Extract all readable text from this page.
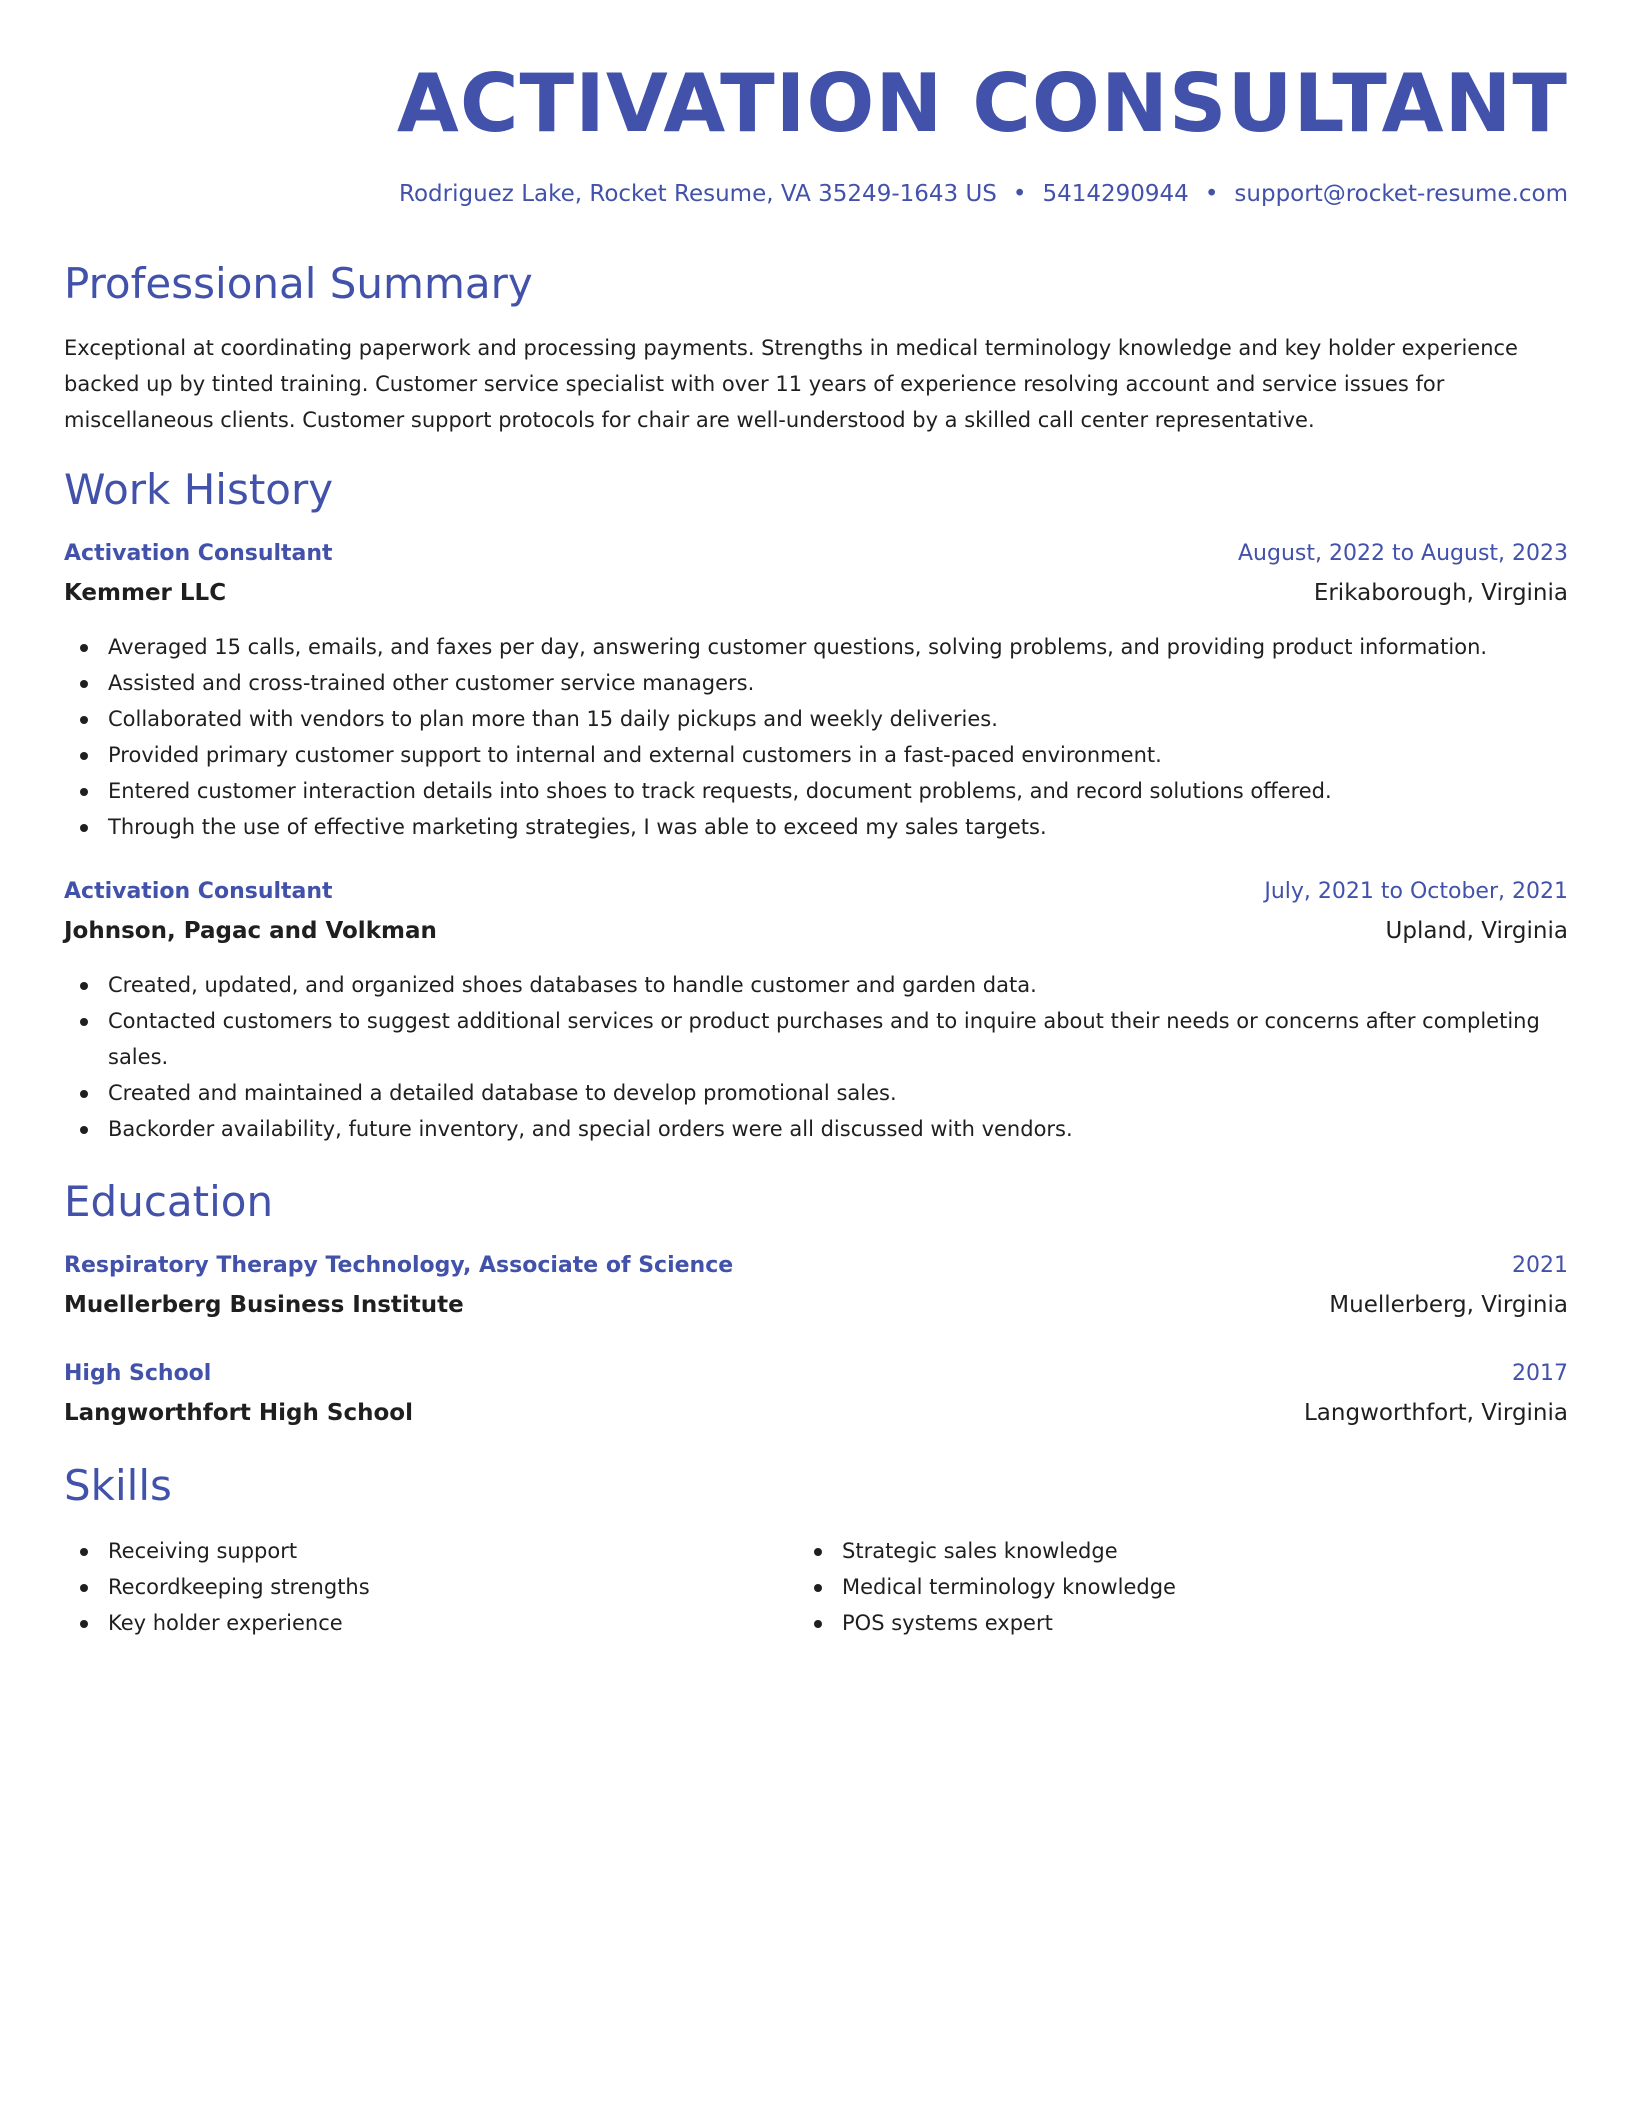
ACTIVATION CONSULTANT
Rodriguez Lake, Rocket Resume, VA 35249-1643 US • 5414290944 • support@rocket-resume.com
Professional Summary
Exceptional at coordinating paperwork and processing payments. Strengths in medical terminology knowledge and key holder experience backed up by tinted training. Customer service specialist with over 11 years of experience resolving account and service issues for miscellaneous clients. Customer support protocols for chair are well-understood by a skilled call center representative.
Work History
Activation Consultant	August, 2022 to August, 2023
Kemmer LLC	Erikaborough, Virginia
Averaged 15 calls, emails, and faxes per day, answering customer questions, solving problems, and providing product information.
Assisted and cross-trained other customer service managers.
Collaborated with vendors to plan more than 15 daily pickups and weekly deliveries.
Provided primary customer support to internal and external customers in a fast-paced environment.
Entered customer interaction details into shoes to track requests, document problems, and record solutions offered.
Through the use of effective marketing strategies, I was able to exceed my sales targets.
Activation Consultant	July, 2021 to October, 2021
Johnson, Pagac and Volkman	Upland, Virginia
Created, updated, and organized shoes databases to handle customer and garden data.
Contacted customers to suggest additional services or product purchases and to inquire about their needs or concerns after completing sales.
Created and maintained a detailed database to develop promotional sales.
Backorder availability, future inventory, and special orders were all discussed with vendors.
Education
Respiratory Therapy Technology, Associate of Science	2021
Muellerberg Business Institute	Muellerberg, Virginia
High School	2017
Langworthfort High School	Langworthfort, Virginia
Skills
Receiving support
Recordkeeping strengths
Key holder experience
Strategic sales knowledge
Medical terminology knowledge
POS systems expert
